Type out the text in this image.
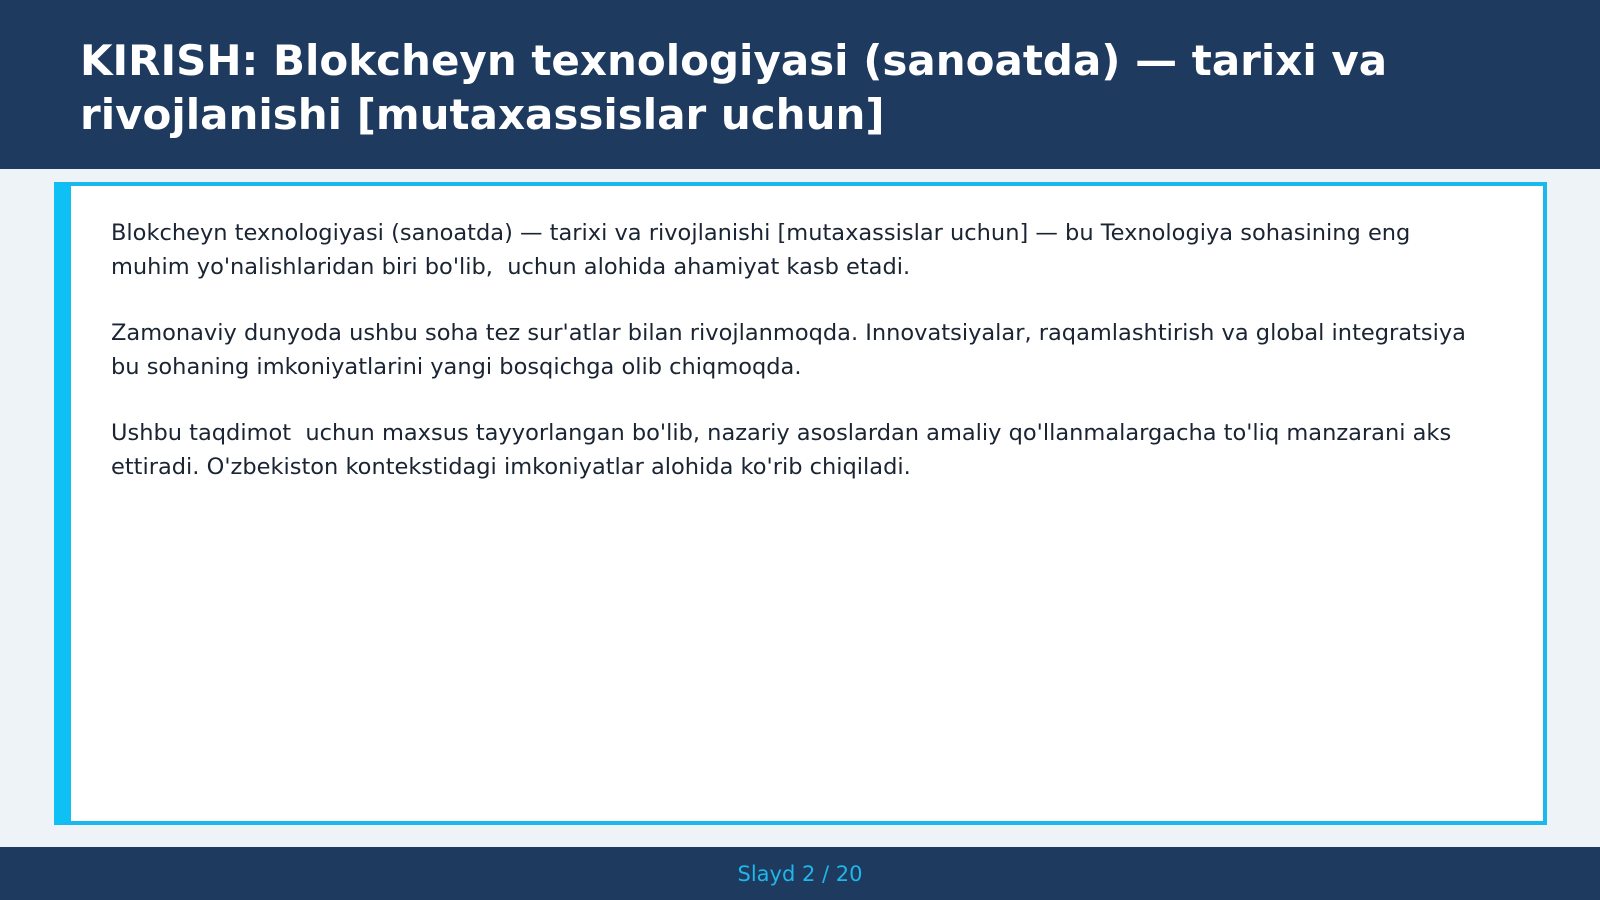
KIRISH: Blokcheyn texnologiyasi (sanoatda) — tarixi va rivojlanishi [mutaxassislar uchun]

Blokcheyn texnologiyasi (sanoatda) — tarixi va rivojlanishi [mutaxassislar uchun] — bu Texnologiya sohasining eng muhim yo'nalishlaridan biri bo'lib,  uchun alohida ahamiyat kasb etadi.

Zamonaviy dunyoda ushbu soha tez sur'atlar bilan rivojlanmoqda. Innovatsiyalar, raqamlashtirish va global integratsiya bu sohaning imkoniyatlarini yangi bosqichga olib chiqmoqda.

Ushbu taqdimot  uchun maxsus tayyorlangan bo'lib, nazariy asoslardan amaliy qo'llanmalargacha to'liq manzarani aks ettiradi. O'zbekiston kontekstidagi imkoniyatlar alohida ko'rib chiqiladi.

Slayd 2 / 20
